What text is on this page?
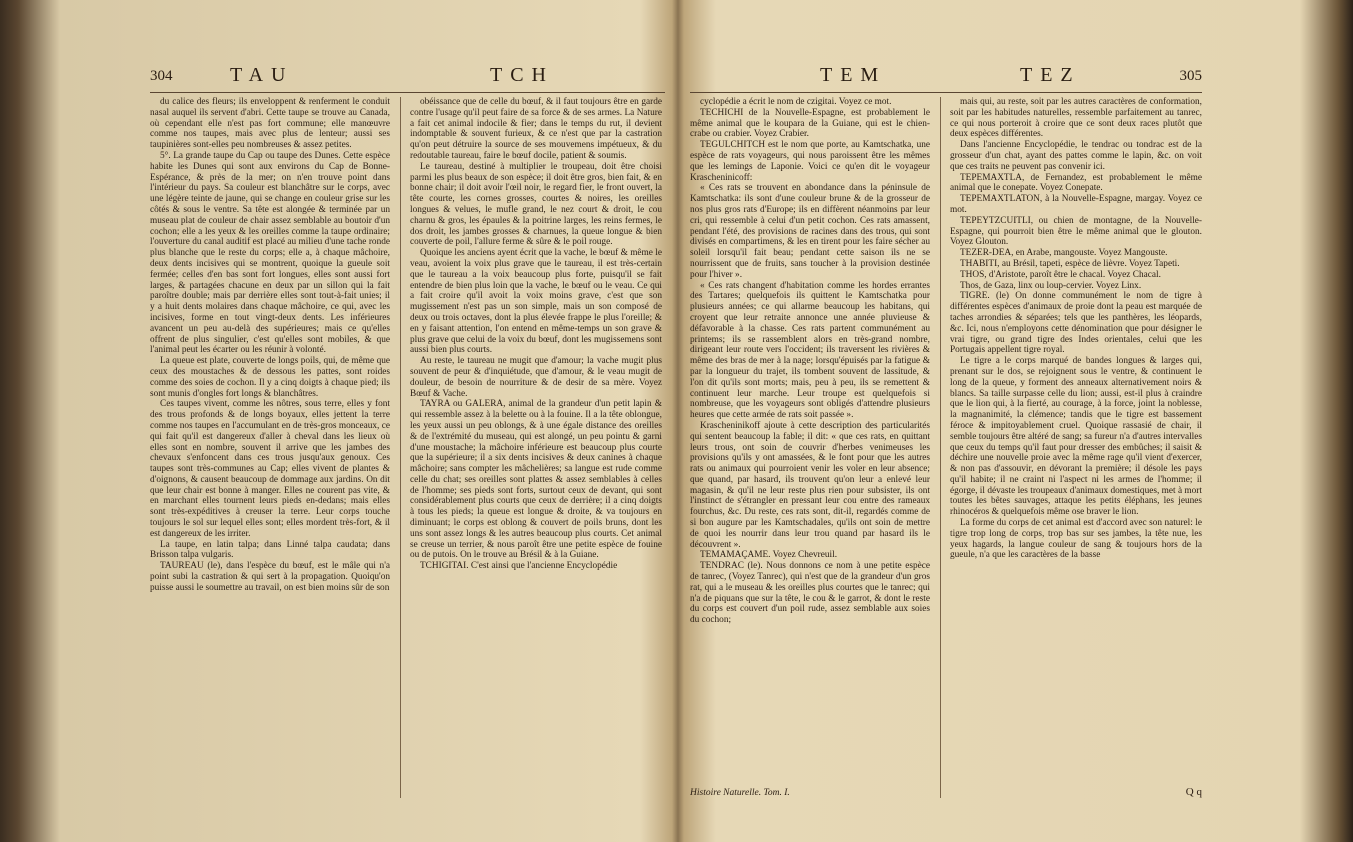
304	TAU	TCH

du calice des fleurs; ils enveloppent & renferment le conduit nasal auquel ils servent d'abri. Cette taupe se trouve au Canada, où cependant elle n'est pas fort commune; elle manœuvre comme nos taupes, mais avec plus de lenteur; aussi ses taupinières sont-elles peu nombreuses & assez petites.

5°. La grande taupe du Cap ou taupe des Dunes. Cette espèce habite les Dunes qui sont aux environs du Cap de Bonne-Espérance, & près de la mer; on n'en trouve point dans l'intérieur du pays. Sa couleur est blanchâtre sur le corps, avec une légère teinte de jaune, qui se change en couleur grise sur les côtés & sous le ventre. Sa tête est alongée & terminée par un museau plat de couleur de chair assez semblable au boutoir d'un cochon; elle a les yeux & les oreilles comme la taupe ordinaire; l'ouverture du canal auditif est placé au milieu d'une tache ronde plus blanche que le reste du corps; elle a, à chaque mâchoire, deux dents incisives qui se montrent, quoique la gueule soit fermée; celles d'en bas sont fort longues, elles sont aussi fort larges, & partagées chacune en deux par un sillon qui la fait paroître double; mais par derrière elles sont tout-à-fait unies; il y a huit dents molaires dans chaque mâchoire, ce qui, avec les incisives, forme en tout vingt-deux dents. Les inférieures avancent un peu au-delà des supérieures; mais ce qu'elles offrent de plus singulier, c'est qu'elles sont mobiles, & que l'animal peut les écarter ou les réunir à volonté.

La queue est plate, couverte de longs poils, qui, de même que ceux des moustaches & de dessous les pattes, sont roides comme des soies de cochon. Il y a cinq doigts à chaque pied; ils sont munis d'ongles fort longs & blanchâtres.

Ces taupes vivent, comme les nôtres, sous terre, elles y font des trous profonds & de longs boyaux, elles jettent la terre comme nos taupes en l'accumulant en de très-gros monceaux, ce qui fait qu'il est dangereux d'aller à cheval dans les lieux où elles sont en nombre, souvent il arrive que les jambes des chevaux s'enfoncent dans ces trous jusqu'aux genoux. Ces taupes sont très-communes au Cap; elles vivent de plantes & d'oignons, & causent beaucoup de dommage aux jardins. On dit que leur chair est bonne à manger. Elles ne courent pas vite, & en marchant elles tournent leurs pieds en-dedans; mais elles sont très-expéditives à creuser la terre. Leur corps touche toujours le sol sur lequel elles sont; elles mordent très-fort, & il est dangereux de les irriter.

La taupe, en latin talpa; dans Linné talpa caudata; dans Brisson talpa vulgaris.

TAUREAU (le), dans l'espèce du bœuf, est le mâle qui n'a point subi la castration & qui sert à la propagation. Quoiqu'on puisse aussi le soumettre au travail, on est bien moins sûr de son

obéissance que de celle du bœuf, & il faut toujours être en garde contre l'usage qu'il peut faire de sa force & de ses armes. La Nature a fait cet animal indocile & fier; dans le temps du rut, il devient indomptable & souvent furieux, & ce n'est que par la castration qu'on peut détruire la source de ses mouvemens impétueux, & du redoutable taureau, faire le bœuf docile, patient & soumis.

Le taureau, destiné à multiplier le troupeau, doit être choisi parmi les plus beaux de son espèce; il doit être gros, bien fait, & en bonne chair; il doit avoir l'œil noir, le regard fier, le front ouvert, la tête courte, les cornes grosses, courtes & noires, les oreilles longues & velues, le mufle grand, le nez court & droit, le cou charnu & gros, les épaules & la poitrine larges, les reins fermes, le dos droit, les jambes grosses & charnues, la queue longue & bien couverte de poil, l'allure ferme & sûre & le poil rouge.

Quoique les anciens ayent écrit que la vache, le bœuf & même le veau, avoient la voix plus grave que le taureau, il est très-certain que le taureau a la voix beaucoup plus forte, puisqu'il se fait entendre de bien plus loin que la vache, le bœuf ou le veau. Ce qui a fait croire qu'il avoit la voix moins grave, c'est que son mugissement n'est pas un son simple, mais un son composé de deux ou trois octaves, dont la plus élevée frappe le plus l'oreille; & en y faisant attention, l'on entend en même-temps un son grave & plus grave que celui de la voix du bœuf, dont les mugissemens sont aussi bien plus courts.

Au reste, le taureau ne mugit que d'amour; la vache mugit plus souvent de peur & d'inquiétude, que d'amour, & le veau mugit de douleur, de besoin de nourriture & de desir de sa mère. Voyez Bœuf & Vache.

TAYRA ou GALERA, animal de la grandeur d'un petit lapin & qui ressemble assez à la belette ou à la fouine. Il a la tête oblongue, les yeux aussi un peu oblongs, & à une égale distance des oreilles & de l'extrémité du museau, qui est alongé, un peu pointu & garni d'une moustache; la mâchoire inférieure est beaucoup plus courte que la supérieure; il a six dents incisives & deux canines à chaque mâchoire; sans compter les mâchelières; sa langue est rude comme celle du chat; ses oreilles sont plattes & assez semblables à celles de l'homme; ses pieds sont forts, surtout ceux de devant, qui sont considérablement plus courts que ceux de derrière; il a cinq doigts à tous les pieds; la queue est longue & droite, & va toujours en diminuant; le corps est oblong & couvert de poils bruns, dont les uns sont assez longs & les autres beaucoup plus courts. Cet animal se creuse un terrier, & nous paroît être une petite espèce de fouine ou de putois. On le trouve au Brésil & à la Guiane.

TCHIGITAI. C'est ainsi que l'ancienne Encyclopédie

TEM	TEZ	305

cyclopédie a écrit le nom de czigitai. Voyez ce mot.

TECHICHI de la Nouvelle-Espagne, est probablement le même animal que le koupara de la Guiane, qui est le chien-crabe ou crabier. Voyez Crabier.

TEGULCHITCH est le nom que porte, au Kamtschatka, une espèce de rats voyageurs, qui nous paroissent être les mêmes que les lemings de Laponie. Voici ce qu'en dit le voyageur Krascheninicoff:

« Ces rats se trouvent en abondance dans la péninsule de Kamtschatka: ils sont d'une couleur brune & de la grosseur de nos plus gros rats d'Europe; ils en diffèrent néanmoins par leur cri, qui ressemble à celui d'un petit cochon. Ces rats amassent, pendant l'été, des provisions de racines dans des trous, qui sont divisés en compartimens, & les en tirent pour les faire sécher au soleil lorsqu'il fait beau; pendant cette saison ils ne se nourrissent que de fruits, sans toucher à la provision destinée pour l'hiver ».

« Ces rats changent d'habitation comme les hordes errantes des Tartares; quelquefois ils quittent le Kamtschatka pour plusieurs années; ce qui allarme beaucoup les habitans, qui croyent que leur retraite annonce une année pluvieuse & défavorable à la chasse. Ces rats partent communément au printems; ils se rassemblent alors en très-grand nombre, dirigeant leur route vers l'occident; ils traversent les rivières & même des bras de mer à la nage; lorsqu'épuisés par la fatigue & par la longueur du trajet, ils tombent souvent de lassitude, & l'on dit qu'ils sont morts; mais, peu à peu, ils se remettent & continuent leur marche. Leur troupe est quelquefois si nombreuse, que les voyageurs sont obligés d'attendre plusieurs heures que cette armée de rats soit passée ».

Krascheninikoff ajoute à cette description des particularités qui sentent beaucoup la fable; il dit: « que ces rats, en quittant leurs trous, ont soin de couvrir d'herbes venimeuses les provisions qu'ils y ont amassées, & le font pour que les autres rats ou animaux qui pourroient venir les voler en leur absence; que quand, par hasard, ils trouvent qu'on leur a enlevé leur magasin, & qu'il ne leur reste plus rien pour subsister, ils ont l'instinct de s'étrangler en pressant leur cou entre des rameaux fourchus, &c. Du reste, ces rats sont, dit-il, regardés comme de si bon augure par les Kamtschadales, qu'ils ont soin de mettre de quoi les nourrir dans leur trou quand par hasard ils le découvrent ».

TEMAMAÇAME. Voyez Chevreuil.

TENDRAC (le). Nous donnons ce nom à une petite espèce de tanrec, (Voyez Tanrec), qui n'est que de la grandeur d'un gros rat, qui a le museau & les oreilles plus courtes que le tanrec; qui n'a de piquans que sur la tête, le cou & le garrot, & dont le reste du corps est couvert d'un poil rude, assez semblable aux soies du cochon;

mais qui, au reste, soit par les autres caractères de conformation, soit par les habitudes naturelles, ressemble parfaitement au tanrec, ce qui nous porteroit à croire que ce sont deux races plutôt que deux espèces différentes.

Dans l'ancienne Encyclopédie, le tendrac ou tondrac est de la grosseur d'un chat, ayant des pattes comme le lapin, &c. on voit que ces traits ne peuvent pas convenir ici.

TEPEMAXTLA, de Fernandez, est probablement le même animal que le conepate. Voyez Conepate.

TEPEMAXTLATON, à la Nouvelle-Espagne, margay. Voyez ce mot.

TEPEYTZCUITLI, ou chien de montagne, de la Nouvelle-Espagne, qui pourroit bien être le même animal que le glouton. Voyez Glouton.

TEZER-DEA, en Arabe, mangouste. Voyez Mangouste.

THABITI, au Brésil, tapeti, espèce de lièvre. Voyez Tapeti.

THOS, d'Aristote, paroît être le chacal. Voyez Chacal.

Thos, de Gaza, linx ou loup-cervier. Voyez Linx.

TIGRE. (le) On donne communément le nom de tigre à différentes espèces d'animaux de proie dont la peau est marquée de taches arrondies & séparées; tels que les panthères, les léopards, &c. Ici, nous n'employons cette dénomination que pour désigner le vrai tigre, ou grand tigre des Indes orientales, celui que les Portugais appellent tigre royal.

Le tigre a le corps marqué de bandes longues & larges qui, prenant sur le dos, se rejoignent sous le ventre, & continuent le long de la queue, y forment des anneaux alternativement noirs & blancs. Sa taille surpasse celle du lion; aussi, est-il plus à craindre que le lion qui, à la fierté, au courage, à la force, joint la noblesse, la magnanimité, la clémence; tandis que le tigre est bassement féroce & impitoyablement cruel. Quoique rassasié de chair, il semble toujours être altéré de sang; sa fureur n'a d'autres intervalles que ceux du temps qu'il faut pour dresser des embûches; il saisit & déchire une nouvelle proie avec la même rage qu'il vient d'exercer, & non pas d'assouvir, en dévorant la première; il désole les pays qu'il habite; il ne craint ni l'aspect ni les armes de l'homme; il égorge, il dévaste les troupeaux d'animaux domestiques, met à mort toutes les bêtes sauvages, attaque les petits éléphans, les jeunes rhinocéros & quelquefois même ose braver le lion.

La forme du corps de cet animal est d'accord avec son naturel: le tigre trop long de corps, trop bas sur ses jambes, la tête nue, les yeux hagards, la langue couleur de sang & toujours hors de la gueule, n'a que les caractères de la basse

Histoire Naturelle. Tom. I.	Q q
